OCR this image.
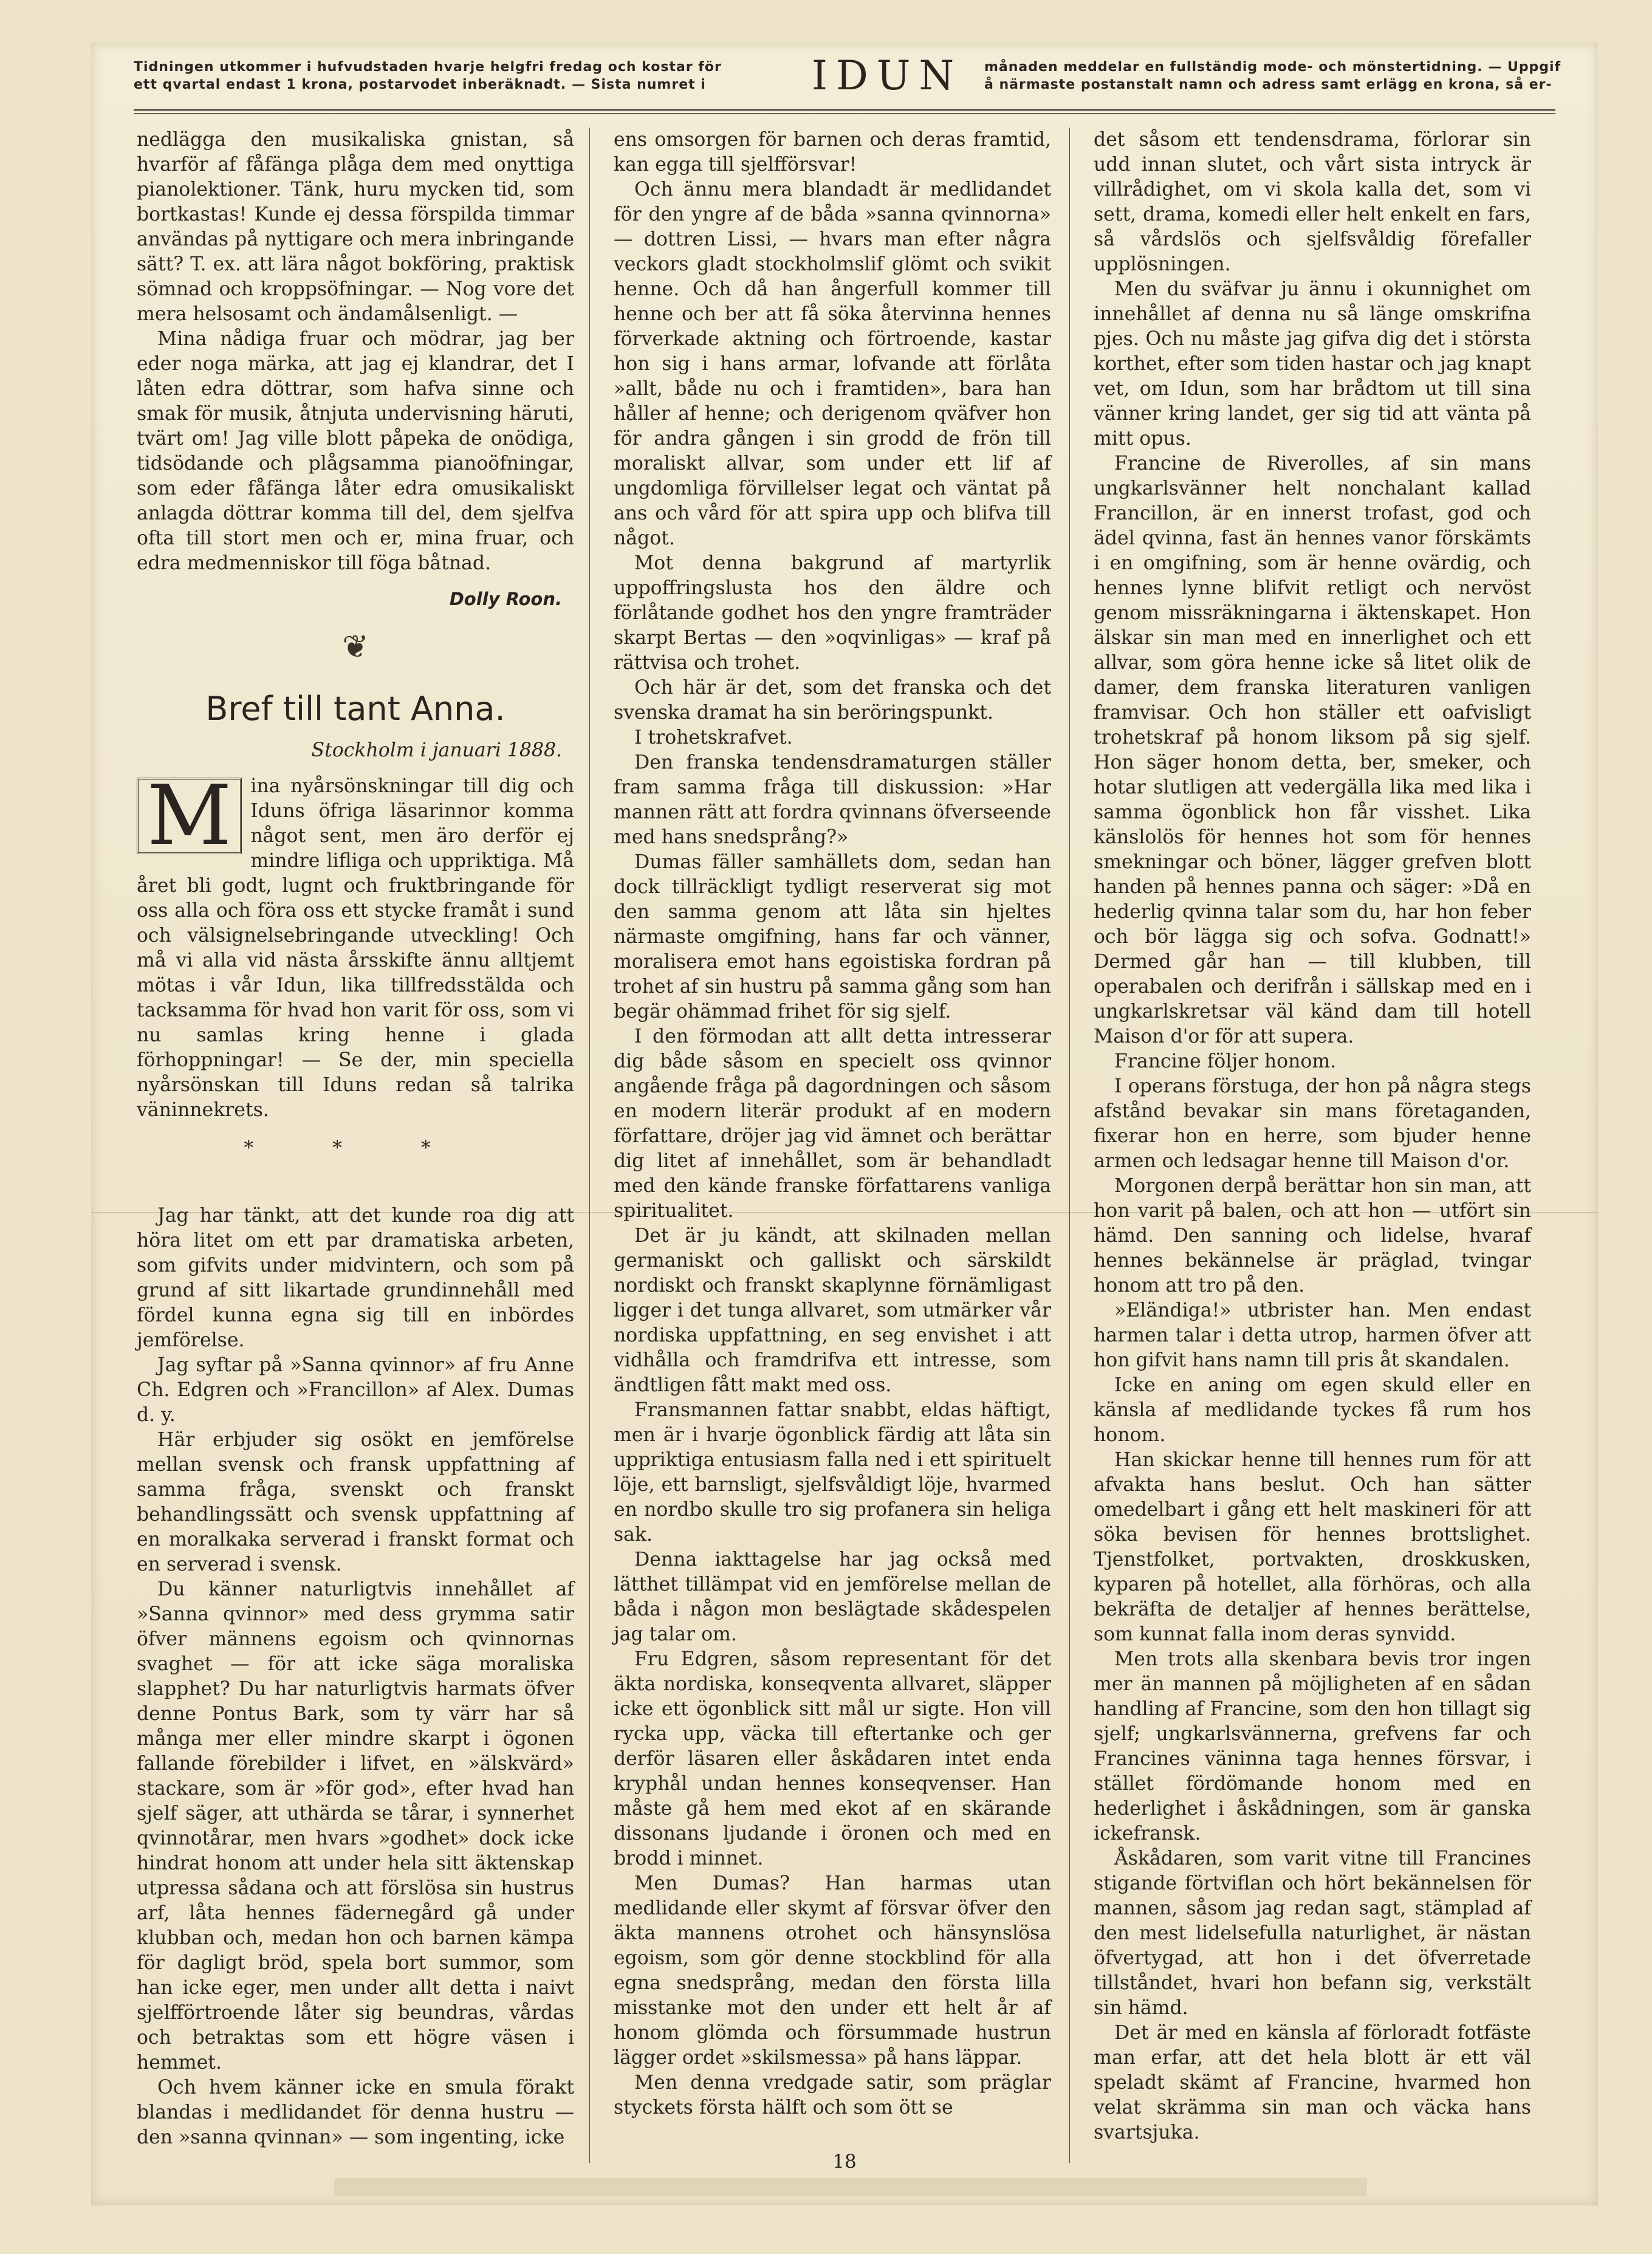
Tidningen utkommer i hufvudstaden hvarje helgfri fredag och kostar för
ett qvartal endast 1 krona, postarvodet inberäknadt. — Sista numret i	IDUN månaden meddelar en fullständig mode- och mönstertidning. — Uppgif
å närmaste postanstalt namn och adress samt erlägg en krona, så er-

nedlägga den musikaliska gnistan, så hvarför af fåfänga plåga dem med onyttiga pianolektioner. Tänk, huru mycken tid, som bortkastas! Kunde ej dessa förspilda timmar användas på nyttigare och mera inbringande sätt? T. ex. att lära något bokföring, praktisk sömnad och kroppsöfningar. — Nog vore det mera helsosamt och ändamålsenligt. —

Mina nådiga fruar och mödrar, jag ber eder noga märka, att jag ej klandrar, det I låten edra döttrar, som hafva sinne och smak för musik, åtnjuta undervisning häruti, tvärt om! Jag ville blott påpeka de onödiga, tidsödande och plågsamma pianoöfningar, som eder fåfänga låter edra omusikaliskt anlagda döttrar komma till del, dem sjelfva ofta till stort men och er, mina fruar, och edra medmenniskor till föga båtnad.

Dolly Roon.
❦
Bref till tant Anna.
Stockholm i januari 1888.

M ina nyårsönskningar till dig och Iduns öfriga läsarinnor komma något sent, men äro derför ej mindre lifliga och uppriktiga. Må året bli godt, lugnt och fruktbringande för oss alla och föra oss ett stycke framåt i sund och välsignelsebringande utveckling! Och må vi alla vid nästa årsskifte ännu alltjemt mötas i vår Idun, lika tillfredsstälda och tacksamma för hvad hon varit för oss, som vi nu samlas kring henne i glada förhoppningar! — Se der, min speciella nyårsönskan till Iduns redan så talrika väninnekrets.

* * *

Jag har tänkt, att det kunde roa dig att höra litet om ett par dramatiska arbeten, som gifvits under midvintern, och som på grund af sitt likartade grundinnehåll med fördel kunna egna sig till en inbördes jemförelse.

Jag syftar på »Sanna qvinnor» af fru Anne Ch. Edgren och »Francillon» af Alex. Dumas d. y.

Här erbjuder sig osökt en jemförelse mellan svensk och fransk uppfattning af samma fråga, svenskt och franskt behandlingssätt och svensk uppfattning af en moralkaka serverad i franskt format och en serverad i svensk.

Du känner naturligtvis innehållet af »Sanna qvinnor» med dess grymma satir öfver männens egoism och qvinnornas svaghet — för att icke säga moraliska slapphet? Du har naturligtvis harmats öfver denne Pontus Bark, som ty värr har så många mer eller mindre skarpt i ögonen fallande förebilder i lifvet, en »älskvärd» stackare, som är »för god», efter hvad han sjelf säger, att uthärda se tårar, i synnerhet qvinnotårar, men hvars »godhet» dock icke hindrat honom att under hela sitt äktenskap utpressa sådana och att förslösa sin hustrus arf, låta hennes fädernegård gå under klubban och, medan hon och barnen kämpa för dagligt bröd, spela bort summor, som han icke eger, men under allt detta i naivt sjelfförtroende låter sig beundras, vårdas och betraktas som ett högre väsen i hemmet.

Och hvem känner icke en smula förakt blandas i medlidandet för denna hustru — den »sanna qvinnan» — som ingenting, icke

ens omsorgen för barnen och deras framtid, kan egga till sjelfförsvar!

Och ännu mera blandadt är medlidandet för den yngre af de båda »sanna qvinnorna» — dottren Lissi, — hvars man efter några veckors gladt stockholmslif glömt och svikit henne. Och då han ångerfull kommer till henne och ber att få söka återvinna hennes förverkade aktning och förtroende, kastar hon sig i hans armar, lofvande att förlåta »allt, både nu och i framtiden», bara han håller af henne; och derigenom qväfver hon för andra gången i sin grodd de frön till moraliskt allvar, som under ett lif af ungdomliga förvillelser legat och väntat på ans och vård för att spira upp och blifva till något.

Mot denna bakgrund af martyrlik uppoffringslusta hos den äldre och förlåtande godhet hos den yngre framträder skarpt Bertas — den »oqvinligas» — kraf på rättvisa och trohet.

Och här är det, som det franska och det svenska dramat ha sin beröringspunkt.

I trohetskrafvet.

Den franska tendensdramaturgen ställer fram samma fråga till diskussion: »Har mannen rätt att fordra qvinnans öfverseende med hans snedsprång?»

Dumas fäller samhällets dom, sedan han dock tillräckligt tydligt reserverat sig mot den samma genom att låta sin hjeltes närmaste omgifning, hans far och vänner, moralisera emot hans egoistiska fordran på trohet af sin hustru på samma gång som han begär ohämmad frihet för sig sjelf.

I den förmodan att allt detta intresserar dig både såsom en specielt oss qvinnor angående fråga på dagordningen och såsom en modern literär produkt af en modern författare, dröjer jag vid ämnet och berättar dig litet af innehållet, som är behandladt med den kände franske författarens vanliga spiritualitet.

Det är ju kändt, att skilnaden mellan germaniskt och galliskt och särskildt nordiskt och franskt skaplynne förnämligast ligger i det tunga allvaret, som utmärker vår nordiska uppfattning, en seg envishet i att vidhålla och framdrifva ett intresse, som ändtligen fått makt med oss.

Fransmannen fattar snabbt, eldas häftigt, men är i hvarje ögonblick färdig att låta sin uppriktiga entusiasm falla ned i ett spirituelt löje, ett barnsligt, sjelfsvåldigt löje, hvarmed en nordbo skulle tro sig profanera sin heliga sak.

Denna iakttagelse har jag också med lätthet tillämpat vid en jemförelse mellan de båda i någon mon beslägtade skådespelen jag talar om.

Fru Edgren, såsom representant för det äkta nordiska, konseqventa allvaret, släpper icke ett ögonblick sitt mål ur sigte. Hon vill rycka upp, väcka till eftertanke och ger derför läsaren eller åskådaren intet enda kryphål undan hennes konseqvenser. Han måste gå hem med ekot af en skärande dissonans ljudande i öronen och med en brodd i minnet.

Men Dumas? Han harmas utan medlidande eller skymt af försvar öfver den äkta mannens otrohet och hänsynslösa egoism, som gör denne stockblind för alla egna snedsprång, medan den första lilla misstanke mot den under ett helt år af honom glömda och försummade hustrun lägger ordet »skilsmessa» på hans läppar.

Men denna vredgade satir, som präglar styckets första hälft och som ött se

det såsom ett tendensdrama, förlorar sin udd innan slutet, och vårt sista intryck är villrådighet, om vi skola kalla det, som vi sett, drama, komedi eller helt enkelt en fars, så vårdslös och sjelfsvåldig förefaller upplösningen.

Men du sväfvar ju ännu i okunnighet om innehållet af denna nu så länge omskrifna pjes. Och nu måste jag gifva dig det i största korthet, efter som tiden hastar och jag knapt vet, om Idun, som har brådtom ut till sina vänner kring landet, ger sig tid att vänta på mitt opus.

Francine de Riverolles, af sin mans ungkarlsvänner helt nonchalant kallad Francillon, är en innerst trofast, god och ädel qvinna, fast än hennes vanor förskämts i en omgifning, som är henne ovärdig, och hennes lynne blifvit retligt och nervöst genom missräkningarna i äktenskapet. Hon älskar sin man med en innerlighet och ett allvar, som göra henne icke så litet olik de damer, dem franska literaturen vanligen framvisar. Och hon ställer ett oafvisligt trohetskraf på honom liksom på sig sjelf. Hon säger honom detta, ber, smeker, och hotar slutligen att vedergälla lika med lika i samma ögonblick hon får visshet. Lika känslolös för hennes hot som för hennes smekningar och böner, lägger grefven blott handen på hennes panna och säger: »Då en hederlig qvinna talar som du, har hon feber och bör lägga sig och sofva. Godnatt!» Dermed går han — till klubben, till operabalen och derifrån i sällskap med en i ungkarlskretsar väl känd dam till hotell Maison d'or för att supera.

Francine följer honom.

I operans förstuga, der hon på några stegs afstånd bevakar sin mans företaganden, fixerar hon en herre, som bjuder henne armen och ledsagar henne till Maison d'or.

Morgonen derpå berättar hon sin man, att hon varit på balen, och att hon — utfört sin hämd. Den sanning och lidelse, hvaraf hennes bekännelse är präglad, tvingar honom att tro på den.

»Eländiga!» utbrister han. Men endast harmen talar i detta utrop, harmen öfver att hon gifvit hans namn till pris åt skandalen.

Icke en aning om egen skuld eller en känsla af medlidande tyckes få rum hos honom.

Han skickar henne till hennes rum för att afvakta hans beslut. Och han sätter omedelbart i gång ett helt maskineri för att söka bevisen för hennes brottslighet. Tjenstfolket, portvakten, droskkusken, kyparen på hotellet, alla förhöras, och alla bekräfta de detaljer af hennes berättelse, som kunnat falla inom deras synvidd.

Men trots alla skenbara bevis tror ingen mer än mannen på möjligheten af en sådan handling af Francine, som den hon tillagt sig sjelf; ungkarlsvännerna, grefvens far och Francines väninna taga hennes försvar, i stället fördömande honom med en hederlighet i åskådningen, som är ganska ickefransk.

Åskådaren, som varit vitne till Francines stigande förtviflan och hört bekännelsen för mannen, såsom jag redan sagt, stämplad af den mest lidelsefulla naturlighet, är nästan öfvertygad, att hon i det öfverretade tillståndet, hvari hon befann sig, verkstält sin hämd.

Det är med en känsla af förloradt fotfäste man erfar, att det hela blott är ett väl speladt skämt af Francine, hvarmed hon velat skrämma sin man och väcka hans svartsjuka.

18
